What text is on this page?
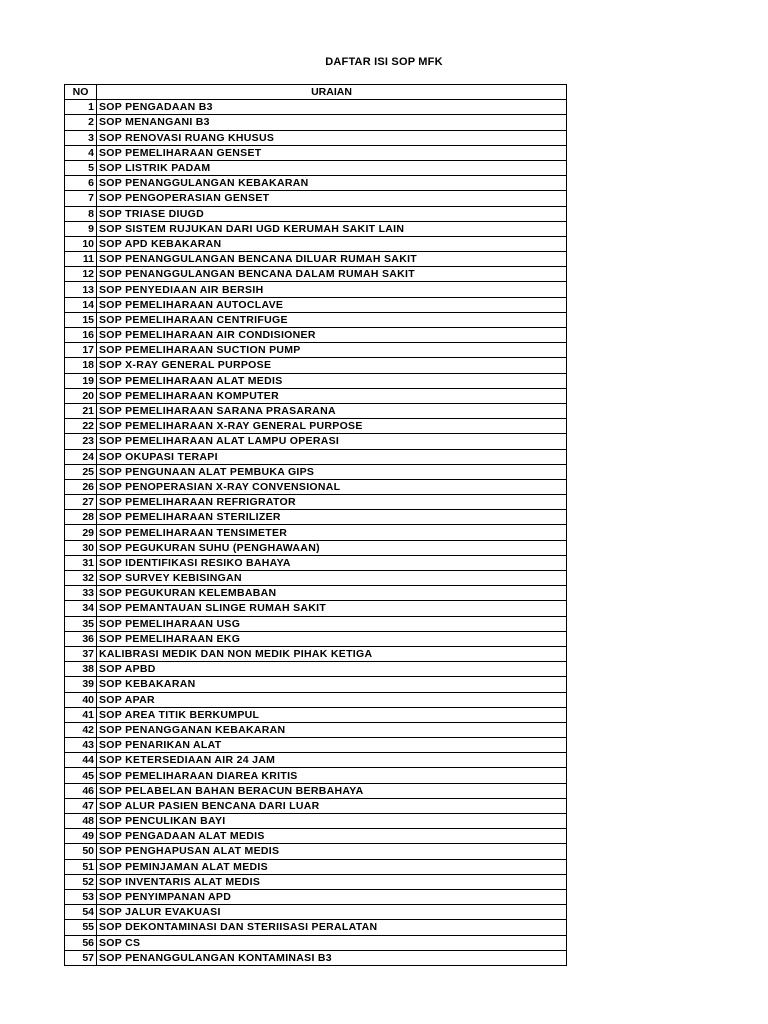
DAFTAR ISI SOP MFK
NO	URAIAN
1	SOP PENGADAAN B3
2	SOP MENANGANI B3
3	SOP RENOVASI RUANG KHUSUS
4	SOP PEMELIHARAAN GENSET
5	SOP LISTRIK PADAM
6	SOP PENANGGULANGAN KEBAKARAN
7	SOP PENGOPERASIAN GENSET
8	SOP TRIASE DIUGD
9	SOP SISTEM RUJUKAN DARI UGD KERUMAH SAKIT LAIN
10	SOP APD KEBAKARAN
11	SOP PENANGGULANGAN BENCANA DILUAR RUMAH SAKIT
12	SOP PENANGGULANGAN BENCANA DALAM RUMAH SAKIT
13	SOP PENYEDIAAN AIR BERSIH
14	SOP PEMELIHARAAN AUTOCLAVE
15	SOP PEMELIHARAAN CENTRIFUGE
16	SOP PEMELIHARAAN AIR CONDISIONER
17	SOP PEMELIHARAAN SUCTION PUMP
18	SOP X-RAY GENERAL PURPOSE
19	SOP PEMELIHARAAN ALAT MEDIS
20	SOP PEMELIHARAAN KOMPUTER
21	SOP PEMELIHARAAN SARANA PRASARANA
22	SOP PEMELIHARAAN X-RAY GENERAL PURPOSE
23	SOP PEMELIHARAAN ALAT LAMPU OPERASI
24	SOP OKUPASI TERAPI
25	SOP PENGUNAAN ALAT PEMBUKA GIPS
26	SOP PENOPERASIAN X-RAY CONVENSIONAL
27	SOP PEMELIHARAAN REFRIGRATOR
28	SOP PEMELIHARAAN STERILIZER
29	SOP PEMELIHARAAN TENSIMETER
30	SOP PEGUKURAN SUHU (PENGHAWAAN)
31	SOP IDENTIFIKASI RESIKO BAHAYA
32	SOP SURVEY KEBISINGAN
33	SOP PEGUKURAN KELEMBABAN
34	SOP PEMANTAUAN SLINGE RUMAH SAKIT
35	SOP PEMELIHARAAN USG
36	SOP PEMELIHARAAN EKG
37	KALIBRASI MEDIK DAN NON MEDIK PIHAK KETIGA
38	SOP APBD
39	SOP KEBAKARAN
40	SOP APAR
41	SOP AREA TITIK BERKUMPUL
42	SOP PENANGGANAN KEBAKARAN
43	SOP PENARIKAN ALAT
44	SOP KETERSEDIAAN AIR 24 JAM
45	SOP PEMELIHARAAN DIAREA KRITIS
46	SOP PELABELAN BAHAN BERACUN BERBAHAYA
47	SOP ALUR PASIEN BENCANA DARI LUAR
48	SOP PENCULIKAN BAYI
49	SOP PENGADAAN ALAT MEDIS
50	SOP PENGHAPUSAN ALAT MEDIS
51	SOP PEMINJAMAN ALAT MEDIS
52	SOP INVENTARIS ALAT MEDIS
53	SOP PENYIMPANAN APD
54	SOP JALUR EVAKUASI
55	SOP DEKONTAMINASI DAN STERIISASI PERALATAN
56	SOP CS
57	SOP PENANGGULANGAN KONTAMINASI B3
